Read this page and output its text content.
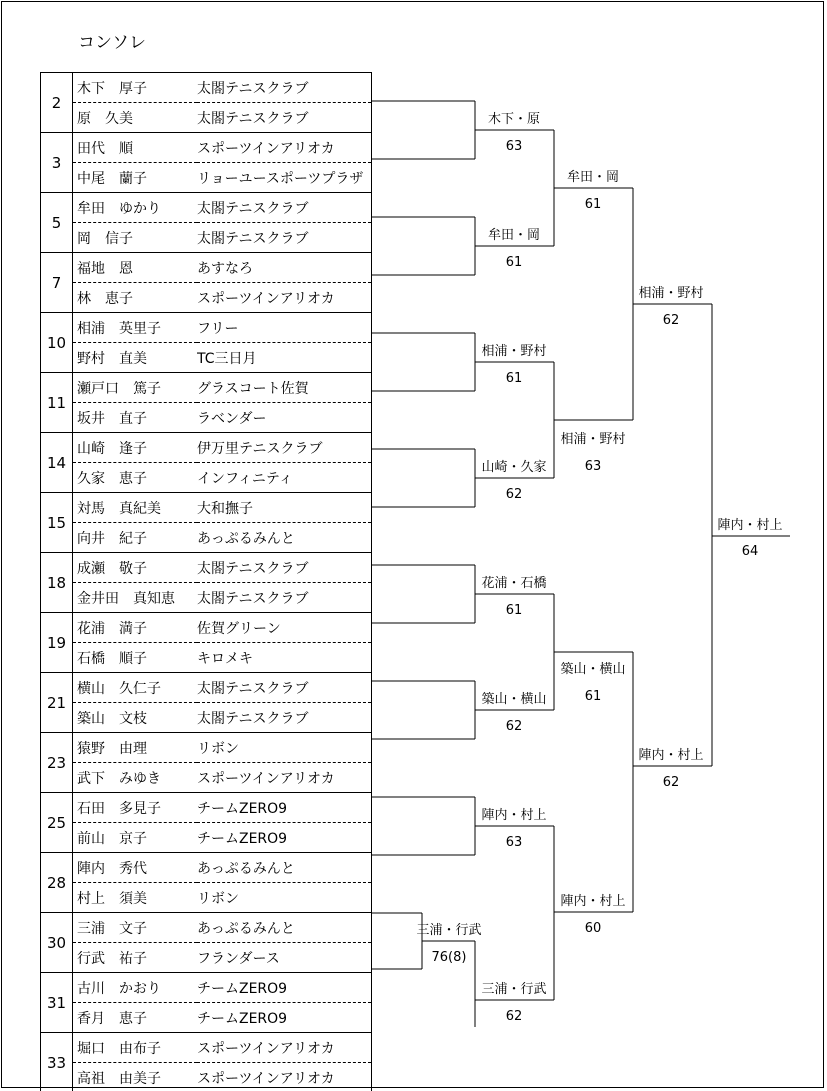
コンソレ
2	木下　厚子	太閤テニスクラブ
	原　久美	太閤テニスクラブ
3	田代　順	スポーツインアリオカ
	中尾　蘭子	リョーユースポーツプラザ
5	牟田　ゆかり	太閤テニスクラブ
	岡　信子	太閤テニスクラブ
7	福地　恩	あすなろ
	林　恵子	スポーツインアリオカ
10	相浦　英里子	フリー
	野村　直美	TC三日月
11	瀬戸口　篤子	グラスコート佐賀
	坂井　直子	ラベンダー
14	山崎　逢子	伊万里テニスクラブ
	久家　恵子	インフィニティ
15	対馬　真紀美	大和撫子
	向井　紀子	あっぷるみんと
18	成瀬　敬子	太閤テニスクラブ
	金井田　真知恵	太閤テニスクラブ
19	花浦　満子	佐賀グリーン
	石橋　順子	キロメキ
21	横山　久仁子	太閤テニスクラブ
	築山　文枝	太閤テニスクラブ
23	猿野　由理	リボン
	武下　みゆき	スポーツインアリオカ
25	石田　多見子	チームZERO9
	前山　京子	チームZERO9
28	陣内　秀代	あっぷるみんと
	村上　須美	リボン
30	三浦　文子	あっぷるみんと
	行武　祐子	フランダース
31	古川　かおり	チームZERO9
	香月　恵子	チームZERO9
33	堀口　由布子	スポーツインアリオカ
	高祖　由美子	スポーツインアリオカ
木下・原
63
牟田・岡
61
相浦・野村
61
山崎・久家
62
花浦・石橋
61
築山・横山
62
陣内・村上
63
三浦・行武
62
三浦・行武
76(8)
牟田・岡
61
相浦・野村
63
築山・横山
61
陣内・村上
60
相浦・野村
62
陣内・村上
62
陣内・村上
64
